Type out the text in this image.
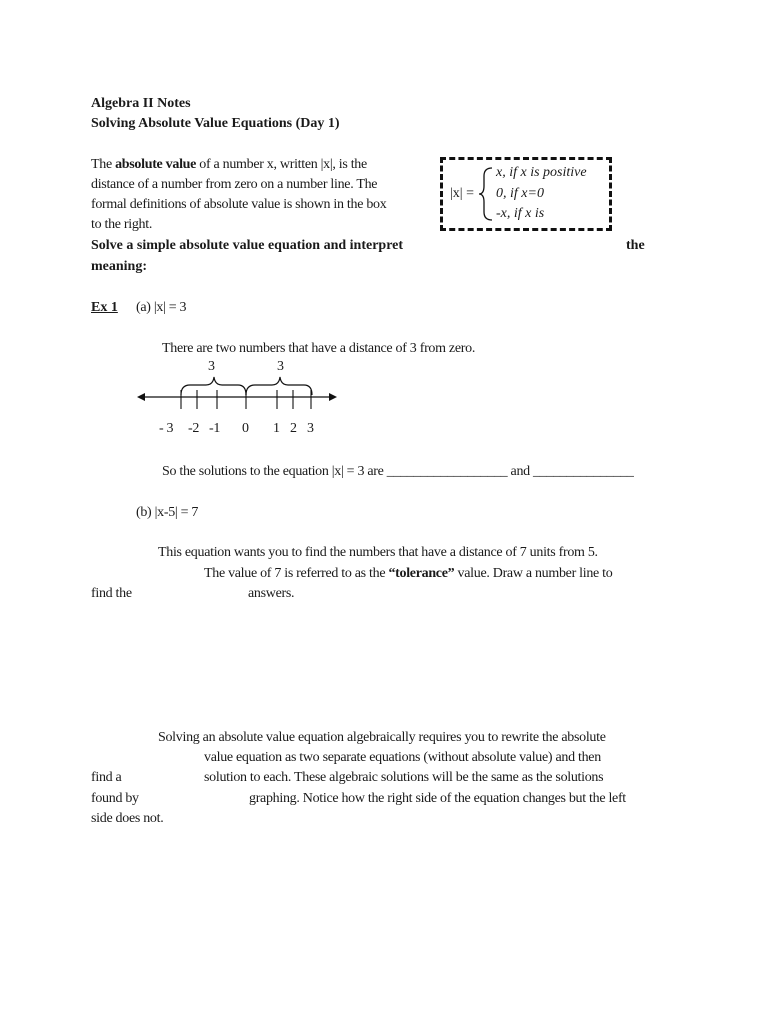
Algebra II Notes
Solving Absolute Value Equations (Day 1)
The absolute value of a number x, written |x|, is the
distance of a number from zero on a number line. The
formal definitions of absolute value is shown in the box
to the right.
|x| =
x, if x is positive
0, if x=0
-x, if x is
Solve a simple absolute value equation and interpret	the
meaning:
Ex 1 (a) |x| = 3
There are two numbers that have a distance of 3 from zero.
3	3
- 3 -2 -1 0 1 2 3
So the solutions to the equation |x| = 3 are __________________ and _______________
(b) |x-5| = 7
This equation wants you to find the numbers that have a distance of 7 units from 5.
The value of 7 is referred to as the “tolerance” value. Draw a number line to
find the	answers.
Solving an absolute value equation algebraically requires you to rewrite the absolute
value equation as two separate equations (without absolute value) and then
find a	solution to each. These algebraic solutions will be the same as the solutions
found by	graphing. Notice how the right side of the equation changes but the left
side does not.
